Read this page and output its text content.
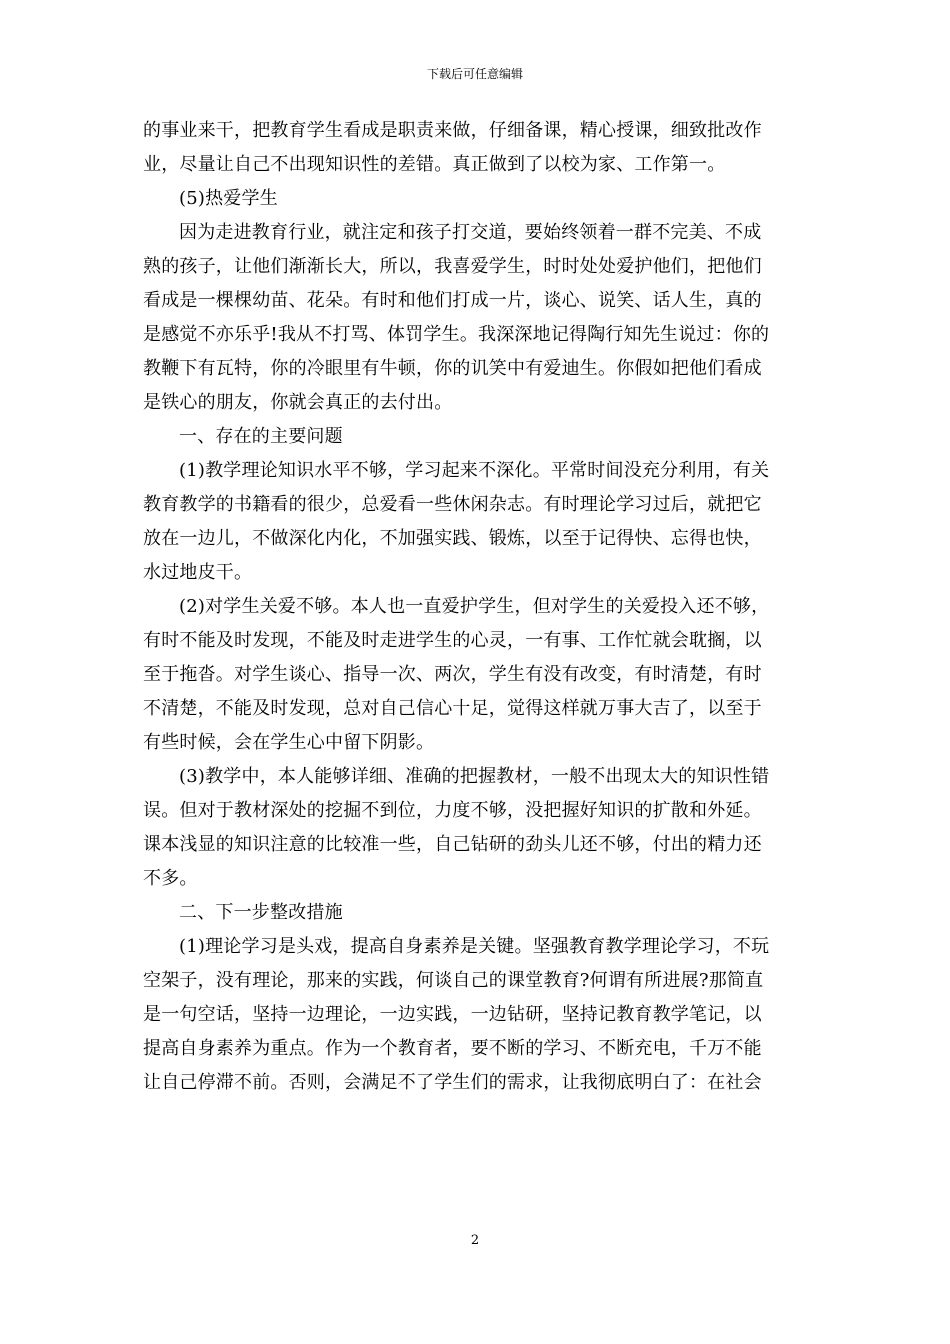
下载后可任意编辑
的事业来干，把教育学生看成是职责来做，仔细备课，精心授课，细致批改作
业，尽量让自己不出现知识性的差错。真正做到了以校为家、工作第一。
(5)热爱学生
因为走进教育行业，就注定和孩子打交道，要始终领着一群不完美、不成
熟的孩子，让他们渐渐长大，所以，我喜爱学生，时时处处爱护他们，把他们
看成是一棵棵幼苗、花朵。有时和他们打成一片，谈心、说笑、话人生，真的
是感觉不亦乐乎!我从不打骂、体罚学生。我深深地记得陶行知先生说过：你的
教鞭下有瓦特，你的冷眼里有牛顿，你的讥笑中有爱迪生。你假如把他们看成
是铁心的朋友，你就会真正的去付出。
一、存在的主要问题
(1)教学理论知识水平不够，学习起来不深化。平常时间没充分利用，有关
教育教学的书籍看的很少，总爱看一些休闲杂志。有时理论学习过后，就把它
放在一边儿，不做深化内化，不加强实践、锻炼，以至于记得快、忘得也快，
水过地皮干。
(2)对学生关爱不够。本人也一直爱护学生，但对学生的关爱投入还不够，
有时不能及时发现，不能及时走进学生的心灵，一有事、工作忙就会耽搁，以
至于拖沓。对学生谈心、指导一次、两次，学生有没有改变，有时清楚，有时
不清楚，不能及时发现，总对自己信心十足，觉得这样就万事大吉了，以至于
有些时候，会在学生心中留下阴影。
(3)教学中，本人能够详细、准确的把握教材，一般不出现太大的知识性错
误。但对于教材深处的挖掘不到位，力度不够，没把握好知识的扩散和外延。
课本浅显的知识注意的比较准一些，自己钻研的劲头儿还不够，付出的精力还
不多。
二、下一步整改措施
(1)理论学习是头戏，提高自身素养是关键。坚强教育教学理论学习，不玩
空架子，没有理论，那来的实践，何谈自己的课堂教育?何谓有所进展?那简直
是一句空话，坚持一边理论，一边实践，一边钻研，坚持记教育教学笔记，以
提高自身素养为重点。作为一个教育者，要不断的学习、不断充电，千万不能
让自己停滞不前。否则，会满足不了学生们的需求，让我彻底明白了：在社会
2
